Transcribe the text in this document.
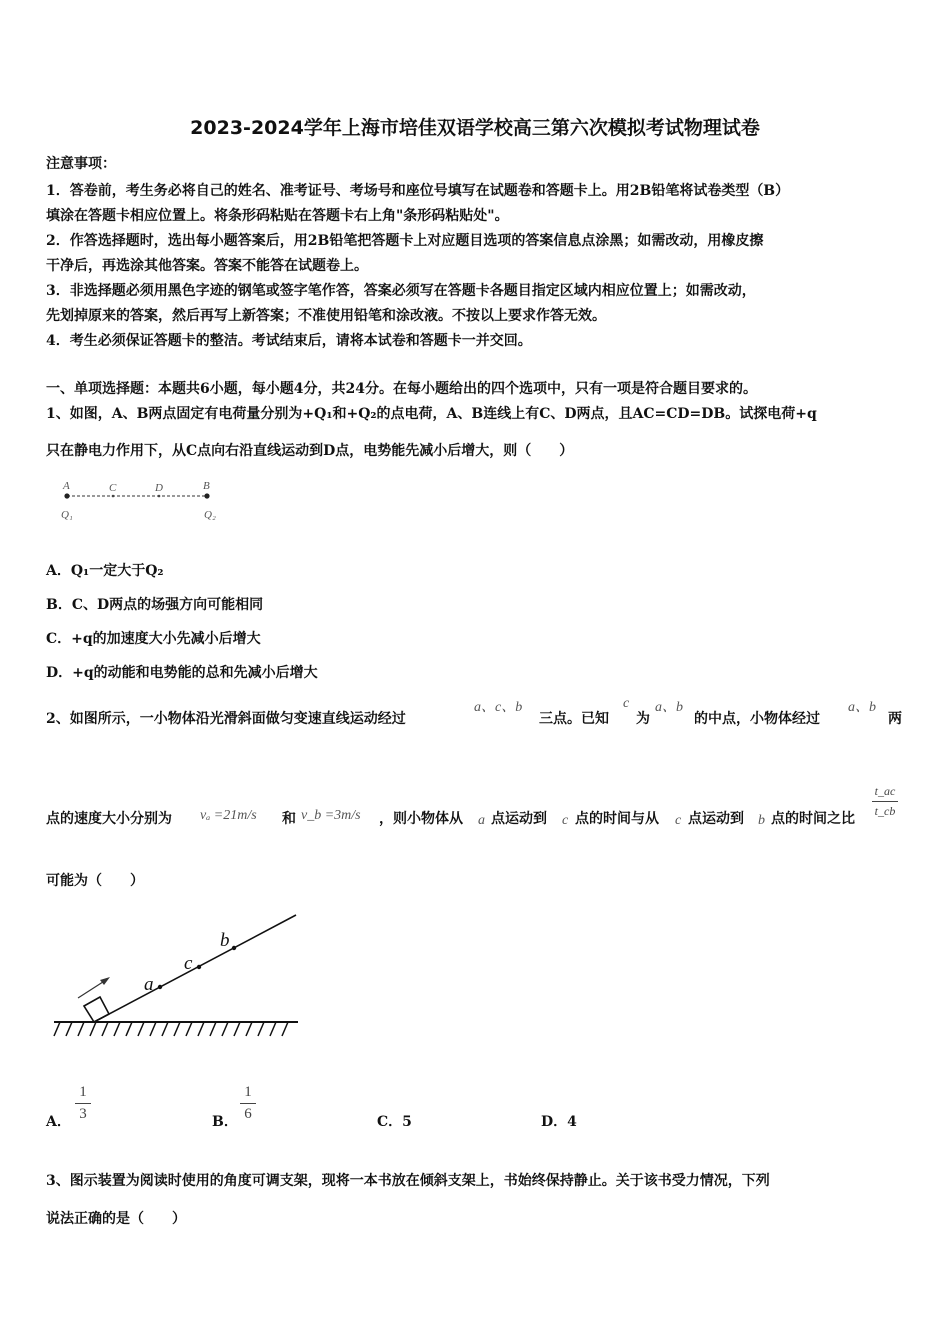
2023-2024学年上海市培佳双语学校高三第六次模拟考试物理试卷
注意事项：
1．答卷前，考生务必将自己的姓名、准考证号、考场号和座位号填写在试题卷和答题卡上。用2B铅笔将试卷类型（B）
填涂在答题卡相应位置上。将条形码粘贴在答题卡右上角"条形码粘贴处"。
2．作答选择题时，选出每小题答案后，用2B铅笔把答题卡上对应题目选项的答案信息点涂黑；如需改动，用橡皮擦
干净后，再选涂其他答案。答案不能答在试题卷上。
3．非选择题必须用黑色字迹的钢笔或签字笔作答，答案必须写在答题卡各题目指定区域内相应位置上；如需改动，
先划掉原来的答案，然后再写上新答案；不准使用铅笔和涂改液。不按以上要求作答无效。
4．考生必须保证答题卡的整洁。考试结束后，请将本试卷和答题卡一并交回。
一、单项选择题：本题共6小题，每小题4分，共24分。在每小题给出的四个选项中，只有一项是符合题目要求的。
1、如图，A、B两点固定有电荷量分别为+Q₁和+Q₂的点电荷，A、B连线上有C、D两点，且AC=CD=DB。试探电荷+q
只在静电力作用下，从C点向右沿直线运动到D点，电势能先减小后增大，则（　　）
A	C	D	B
Q₁	Q₂
A．Q₁一定大于Q₂
B．C、D两点的场强方向可能相同
C．+q的加速度大小先减小后增大
D．+q的动能和电势能的总和先减小后增大
2、如图所示，一小物体沿光滑斜面做匀变速直线运动经过
a、c、b
三点。已知
c
为
a、b
的中点，小物体经过
a、b
两
点的速度大小分别为 vₐ =21m/s 和 v_b =3m/s ，则小物体从 a 点运动到 c 点的时间与从 c 点运动到 b 点的时间之比
t_ac
t_cb
可能为（　　）
a
c
b
A．
1
3	B．
1
6	C．5	D．4
3、图示装置为阅读时使用的角度可调支架，现将一本书放在倾斜支架上，书始终保持静止。关于该书受力情况，下列
说法正确的是（　　）
